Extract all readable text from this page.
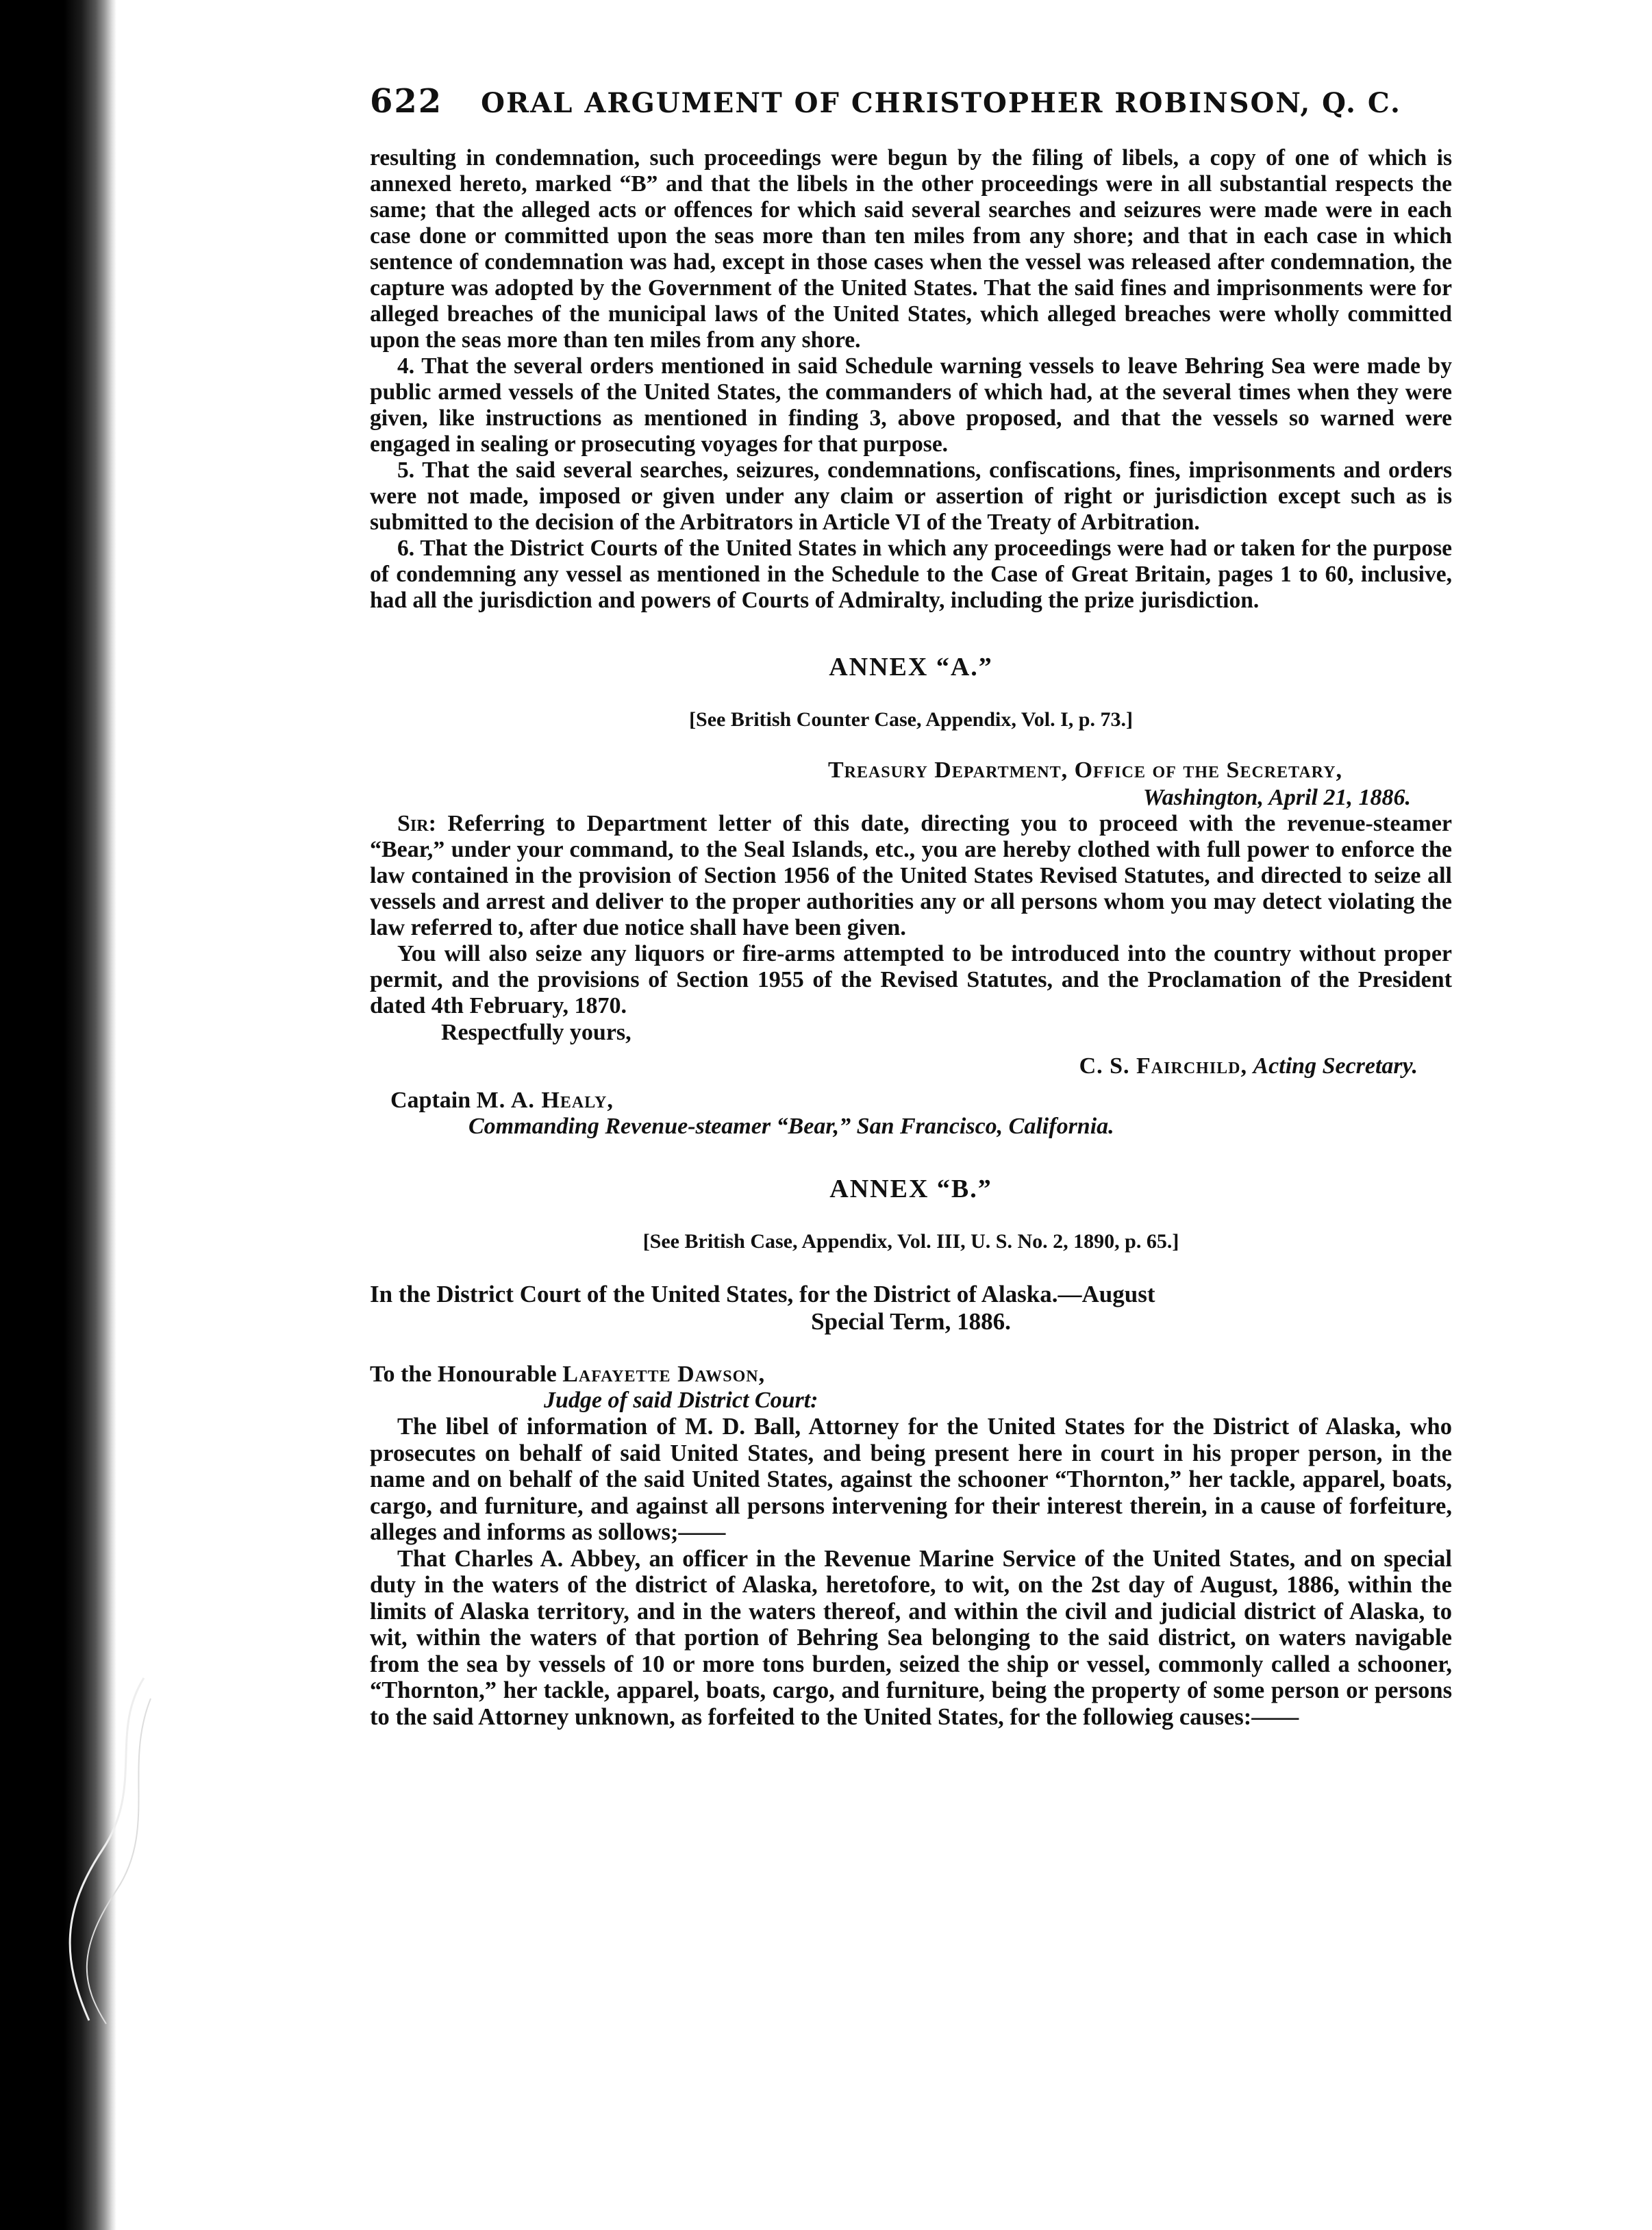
622 ORAL ARGUMENT OF CHRISTOPHER ROBINSON, Q. C.

resulting in condemnation, such proceedings were begun by the filing of libels, a copy of one of which is annexed hereto, marked “B” and that the libels in the other proceedings were in all substantial respects the same; that the alleged acts or offences for which said several searches and seizures were made were in each case done or committed upon the seas more than ten miles from any shore; and that in each case in which sentence of condemnation was had, except in those cases when the vessel was released after condemnation, the capture was adopted by the Government of the United States. That the said fines and imprisonments were for alleged breaches of the municipal laws of the United States, which alleged breaches were wholly committed upon the seas more than ten miles from any shore.

4. That the several orders mentioned in said Schedule warning vessels to leave Behring Sea were made by public armed vessels of the United States, the commanders of which had, at the several times when they were given, like instructions as mentioned in finding 3, above proposed, and that the vessels so warned were engaged in sealing or prosecuting voyages for that purpose.

5. That the said several searches, seizures, condemnations, confiscations, fines, imprisonments and orders were not made, imposed or given under any claim or assertion of right or jurisdiction except such as is submitted to the decision of the Arbitrators in Article VI of the Treaty of Arbitration.

6. That the District Courts of the United States in which any proceedings were had or taken for the purpose of condemning any vessel as mentioned in the Schedule to the Case of Great Britain, pages 1 to 60, inclusive, had all the jurisdiction and powers of Courts of Admiralty, including the prize jurisdiction.

ANNEX “A.”
[See British Counter Case, Appendix, Vol. I, p. 73.]
Treasury Department, Office of the Secretary,
Washington, April 21, 1886.

Sir: Referring to Department letter of this date, directing you to proceed with the revenue-steamer “Bear,” under your command, to the Seal Islands, etc., you are hereby clothed with full power to enforce the law contained in the provision of Section 1956 of the United States Revised Statutes, and directed to seize all vessels and arrest and deliver to the proper authorities any or all persons whom you may detect violating the law referred to, after due notice shall have been given.

You will also seize any liquors or fire-arms attempted to be introduced into the country without proper permit, and the provisions of Section 1955 of the Revised Statutes, and the Proclamation of the President dated 4th February, 1870.

Respectfully yours,
C. S. Fairchild, Acting Secretary.
Captain M. A. Healy,
Commanding Revenue-steamer “Bear,” San Francisco, California.
ANNEX “B.”
[See British Case, Appendix, Vol. III, U. S. No. 2, 1890, p. 65.]
In the District Court of the United States, for the District of Alaska.—August
Special Term, 1886.
To the Honourable Lafayette Dawson,
Judge of said District Court:

The libel of information of M. D. Ball, Attorney for the United States for the District of Alaska, who prosecutes on behalf of said United States, and being present here in court in his proper person, in the name and on behalf of the said United States, against the schooner “Thornton,” her tackle, apparel, boats, cargo, and furniture, and against all persons intervening for their interest therein, in a cause of forfeiture, alleges and informs as sollows;——

That Charles A. Abbey, an officer in the Revenue Marine Service of the United States, and on special duty in the waters of the district of Alaska, heretofore, to wit, on the 2st day of August, 1886, within the limits of Alaska territory, and in the waters thereof, and within the civil and judicial district of Alaska, to wit, within the waters of that portion of Behring Sea belonging to the said district, on waters navigable from the sea by vessels of 10 or more tons burden, seized the ship or vessel, commonly called a schooner, “Thornton,” her tackle, apparel, boats, cargo, and furniture, being the property of some person or persons to the said Attorney unknown, as forfeited to the United States, for the followieg causes:——
